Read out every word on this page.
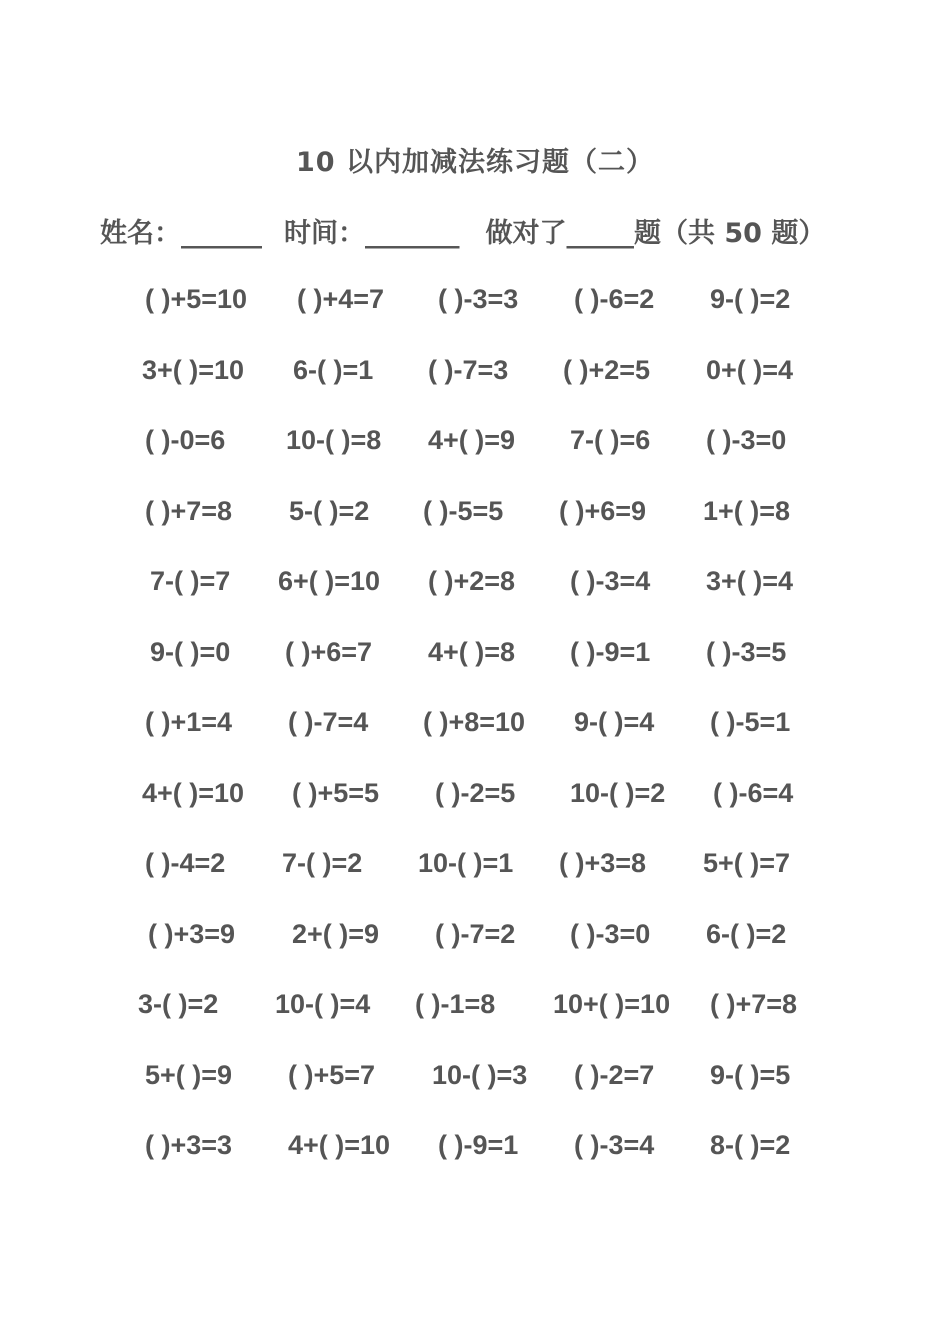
10 以内加减法练习题（二）
姓名：______ 时间：_______ 做对了_____题（共 50 题）
( )+5=10 ( )+4=7 ( )-3=3 ( )-6=2 9-( )=2
3+( )=10 6-( )=1 ( )-7=3 ( )+2=5 0+( )=4
( )-0=6 10-( )=8 4+( )=9 7-( )=6 ( )-3=0
( )+7=8 5-( )=2 ( )-5=5 ( )+6=9 1+( )=8
7-( )=7 6+( )=10 ( )+2=8 ( )-3=4 3+( )=4
9-( )=0 ( )+6=7 4+( )=8 ( )-9=1 ( )-3=5
( )+1=4 ( )-7=4 ( )+8=10 9-( )=4 ( )-5=1
4+( )=10 ( )+5=5 ( )-2=5 10-( )=2 ( )-6=4
( )-4=2 7-( )=2 10-( )=1 ( )+3=8 5+( )=7
( )+3=9 2+( )=9 ( )-7=2 ( )-3=0 6-( )=2
3-( )=2 10-( )=4 ( )-1=8 10+( )=10 ( )+7=8
5+( )=9 ( )+5=7 10-( )=3 ( )-2=7 9-( )=5
( )+3=3 4+( )=10 ( )-9=1 ( )-3=4 8-( )=2
